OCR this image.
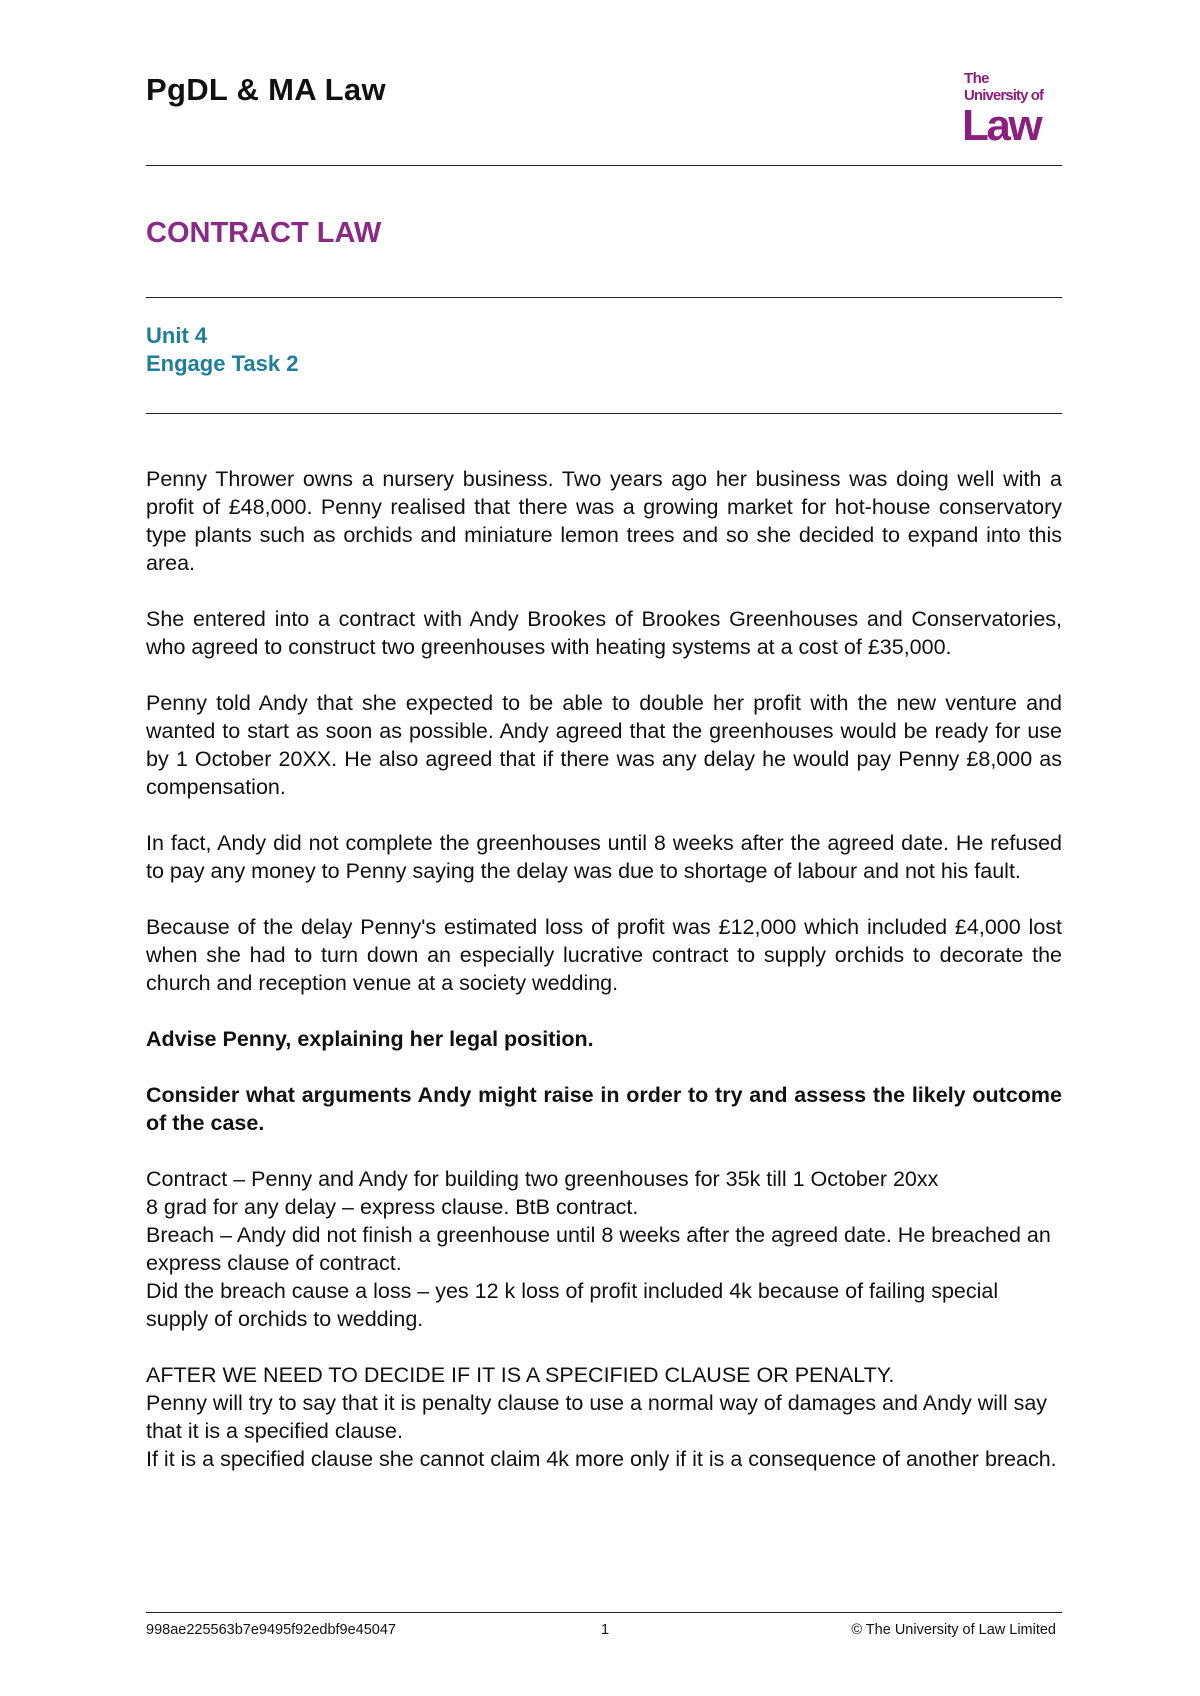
PgDL & MA Law	The
University of
Law
CONTRACT LAW
Unit 4
Engage Task 2

Penny Thrower owns a nursery business. Two years ago her business was doing well with a profit of £48,000. Penny realised that there was a growing market for hot-house conservatory type plants such as orchids and miniature lemon trees and so she decided to expand into this area.

She entered into a contract with Andy Brookes of Brookes Greenhouses and Conservatories, who agreed to construct two greenhouses with heating systems at a cost of £35,000.

Penny told Andy that she expected to be able to double her profit with the new venture and wanted to start as soon as possible. Andy agreed that the greenhouses would be ready for use by 1 October 20XX. He also agreed that if there was any delay he would pay Penny £8,000 as compensation.

In fact, Andy did not complete the greenhouses until 8 weeks after the agreed date. He refused to pay any money to Penny saying the delay was due to shortage of labour and not his fault.

Because of the delay Penny's estimated loss of profit was £12,000 which included £4,000 lost when she had to turn down an especially lucrative contract to supply orchids to decorate the church and reception venue at a society wedding.

Advise Penny, explaining her legal position.

Consider what arguments Andy might raise in order to try and assess the likely outcome of the case.

Contract – Penny and Andy for building two greenhouses for 35k till 1 October 20xx
8 grad for any delay – express clause. BtB contract.
Breach – Andy did not finish a greenhouse until 8 weeks after the agreed date. He breached an express clause of contract.
Did the breach cause a loss – yes 12 k loss of profit included 4k because of failing special supply of orchids to wedding.
AFTER WE NEED TO DECIDE IF IT IS A SPECIFIED CLAUSE OR PENALTY.
Penny will try to say that it is penalty clause to use a normal way of damages and Andy will say that it is a specified clause.
If it is a specified clause she cannot claim 4k more only if it is a consequence of another breach.
998ae225563b7e9495f92edbf9e45047	1	© The University of Law Limited
